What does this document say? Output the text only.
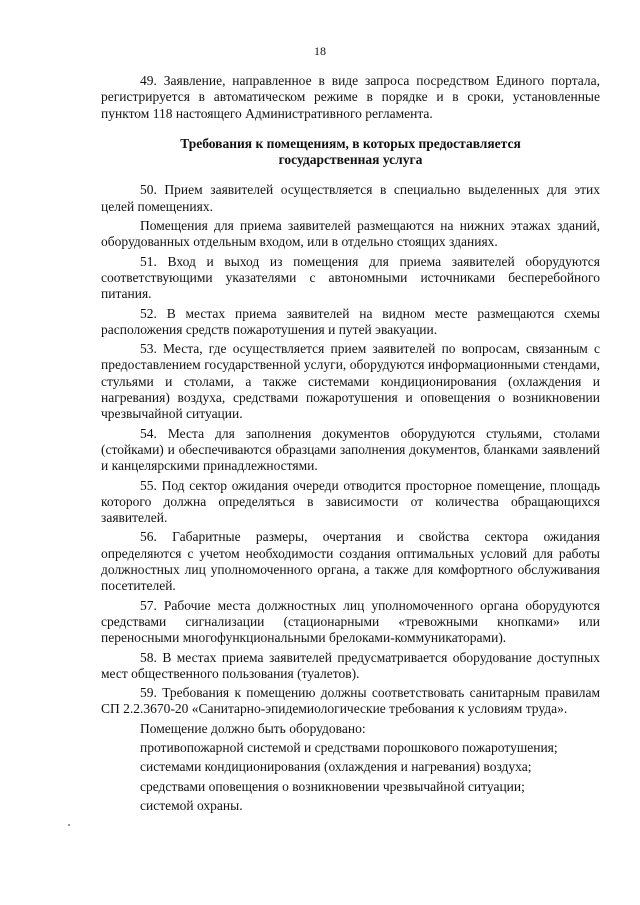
18

49. Заявление, направленное в виде запроса посредством Единого портала, регистрируется в автоматическом режиме в порядке и в сроки, установленные пунктом 118 настоящего Административного регламента.

Требования к помещениям, в которых предоставляется
государственная услуга

50. Прием заявителей осуществляется в специально выделенных для этих целей помещениях.

Помещения для приема заявителей размещаются на нижних этажах зданий, оборудованных отдельным входом, или в отдельно стоящих зданиях.

51. Вход и выход из помещения для приема заявителей оборудуются соответствующими указателями с автономными источниками бесперебойного питания.

52. В местах приема заявителей на видном месте размещаются схемы расположения средств пожаротушения и путей эвакуации.

53. Места, где осуществляется прием заявителей по вопросам, связанным с предоставлением государственной услуги, оборудуются информационными стендами, стульями и столами, а также системами кондиционирования (охлаждения и нагревания) воздуха, средствами пожаротушения и оповещения о возникновении чрезвычайной ситуации.

54. Места для заполнения документов оборудуются стульями, столами (стойками) и обеспечиваются образцами заполнения документов, бланками заявлений и канцелярскими принадлежностями.

55. Под сектор ожидания очереди отводится просторное помещение, площадь которого должна определяться в зависимости от количества обращающихся заявителей.

56. Габаритные размеры, очертания и свойства сектора ожидания определяются с учетом необходимости создания оптимальных условий для работы должностных лиц уполномоченного органа, а также для комфортного обслуживания посетителей.

57. Рабочие места должностных лиц уполномоченного органа оборудуются средствами сигнализации (стационарными «тревожными кнопками» или переносными многофункциональными брелоками-коммуникаторами).

58. В местах приема заявителей предусматривается оборудование доступных мест общественного пользования (туалетов).

59. Требования к помещению должны соответствовать санитарным правилам СП 2.2.3670-20 «Санитарно-эпидемиологические требования к условиям труда».

Помещение должно быть оборудовано:
противопожарной системой и средствами порошкового пожаротушения;
системами кондиционирования (охлаждения и нагревания) воздуха;
средствами оповещения о возникновении чрезвычайной ситуации;
системой охраны.
